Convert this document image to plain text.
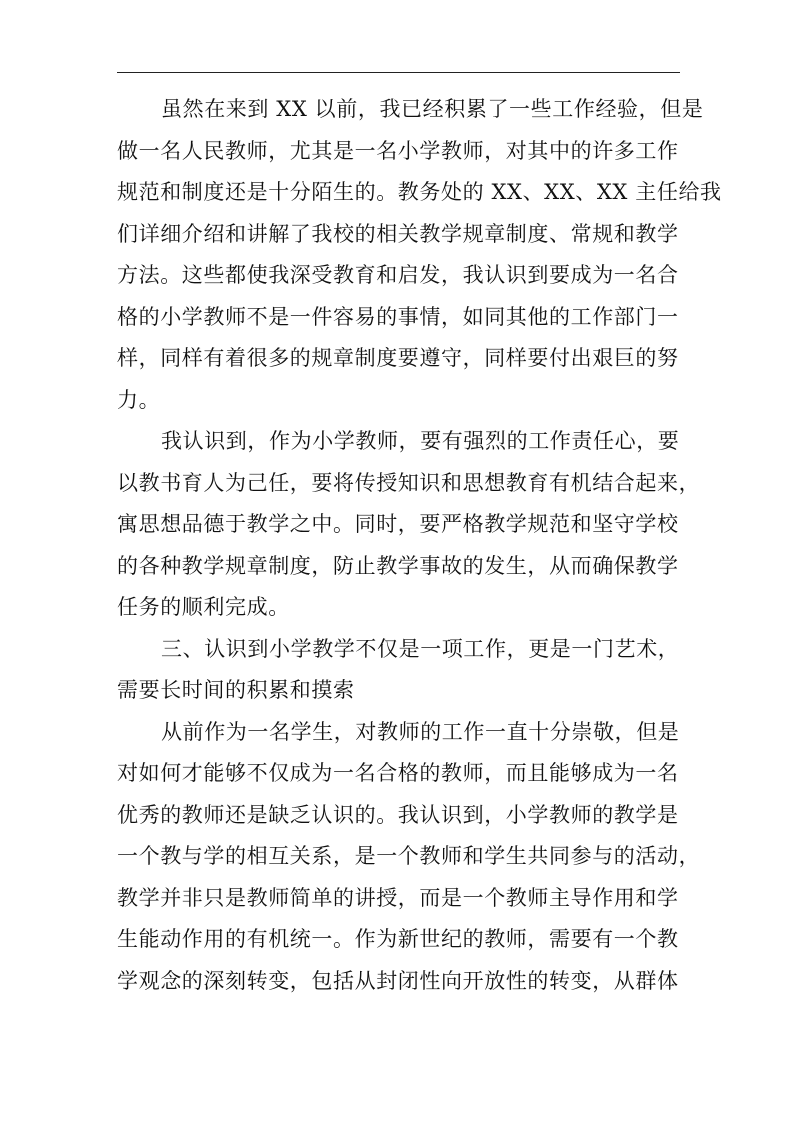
虽然在来到 XX 以前，我已经积累了一些工作经验，但是
做一名人民教师，尤其是一名小学教师，对其中的许多工作
规范和制度还是十分陌生的。教务处的 XX、XX、XX 主任给我
们详细介绍和讲解了我校的相关教学规章制度、常规和教学
方法。这些都使我深受教育和启发，我认识到要成为一名合
格的小学教师不是一件容易的事情，如同其他的工作部门一
样，同样有着很多的规章制度要遵守，同样要付出艰巨的努
力。
我认识到，作为小学教师，要有强烈的工作责任心，要
以教书育人为己任，要将传授知识和思想教育有机结合起来，
寓思想品德于教学之中。同时，要严格教学规范和坚守学校
的各种教学规章制度，防止教学事故的发生，从而确保教学
任务的顺利完成。
三、认识到小学教学不仅是一项工作，更是一门艺术，
需要长时间的积累和摸索
从前作为一名学生，对教师的工作一直十分崇敬，但是
对如何才能够不仅成为一名合格的教师，而且能够成为一名
优秀的教师还是缺乏认识的。我认识到，小学教师的教学是
一个教与学的相互关系，是一个教师和学生共同参与的活动，
教学并非只是教师简单的讲授，而是一个教师主导作用和学
生能动作用的有机统一。作为新世纪的教师，需要有一个教
学观念的深刻转变，包括从封闭性向开放性的转变，从群体
